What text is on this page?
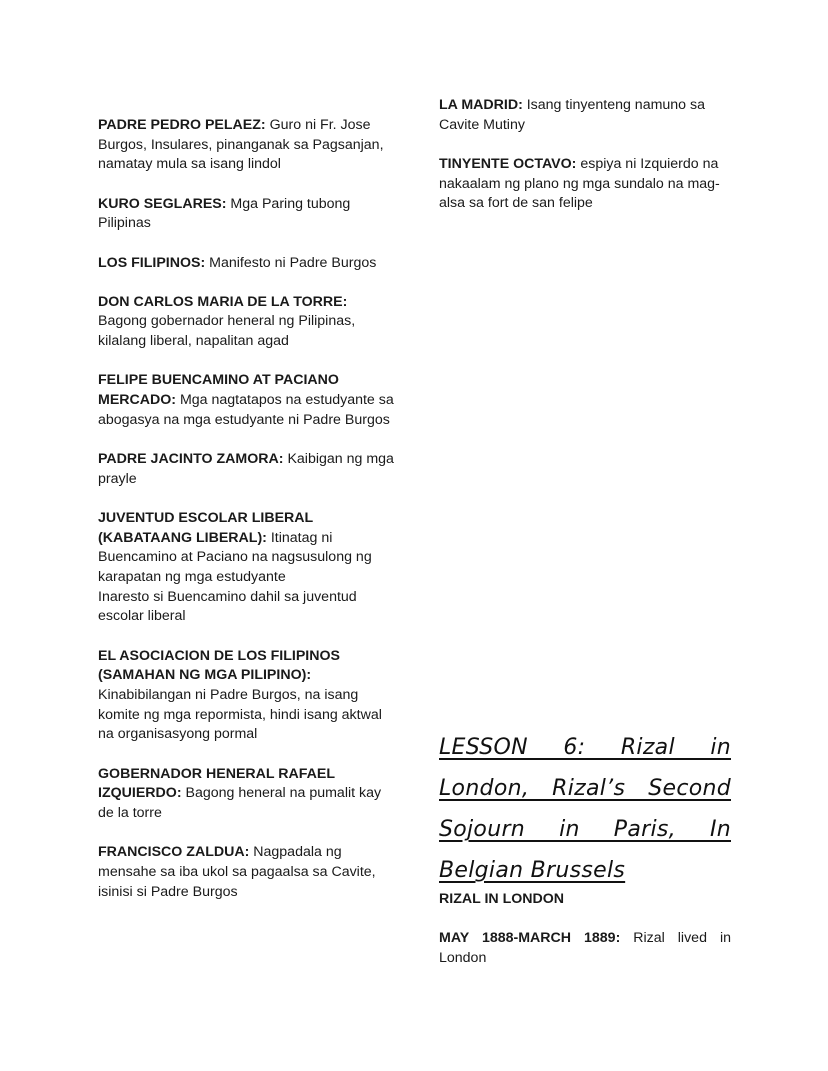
PADRE PEDRO PELAEZ: Guro ni Fr. Jose Burgos, Insulares, pinanganak sa Pagsanjan, namatay mula sa isang lindol

KURO SEGLARES: Mga Paring tubong Pilipinas

LOS FILIPINOS: Manifesto ni Padre Burgos

DON CARLOS MARIA DE LA TORRE: Bagong gobernador heneral ng Pilipinas, kilalang liberal, napalitan agad

FELIPE BUENCAMINO AT PACIANO MERCADO: Mga nagtatapos na estudyante sa abogasya na mga estudyante ni Padre Burgos

PADRE JACINTO ZAMORA: Kaibigan ng mga prayle

JUVENTUD ESCOLAR LIBERAL (KABATAANG LIBERAL): Itinatag ni Buencamino at Paciano na nagsusulong ng karapatan ng mga estudyante
Inaresto si Buencamino dahil sa juventud escolar liberal

EL ASOCIACION DE LOS FILIPINOS (SAMAHAN NG MGA PILIPINO): Kinabibilangan ni Padre Burgos, na isang komite ng mga repormista, hindi isang aktwal na organisasyong pormal

GOBERNADOR HENERAL RAFAEL IZQUIERDO: Bagong heneral na pumalit kay de la torre

FRANCISCO ZALDUA: Nagpadala ng mensahe sa iba ukol sa pagaalsa sa Cavite, isinisi si Padre Burgos

LA MADRID: Isang tinyenteng namuno sa Cavite Mutiny

TINYENTE OCTAVO: espiya ni Izquierdo na nakaalam ng plano ng mga sundalo na mag-alsa sa fort de san felipe

LESSON 6: Rizal in London, Rizal’s Second Sojourn in Paris, In Belgian Brussels

RIZAL IN LONDON

MAY 1888-MARCH 1889: Rizal lived in London
